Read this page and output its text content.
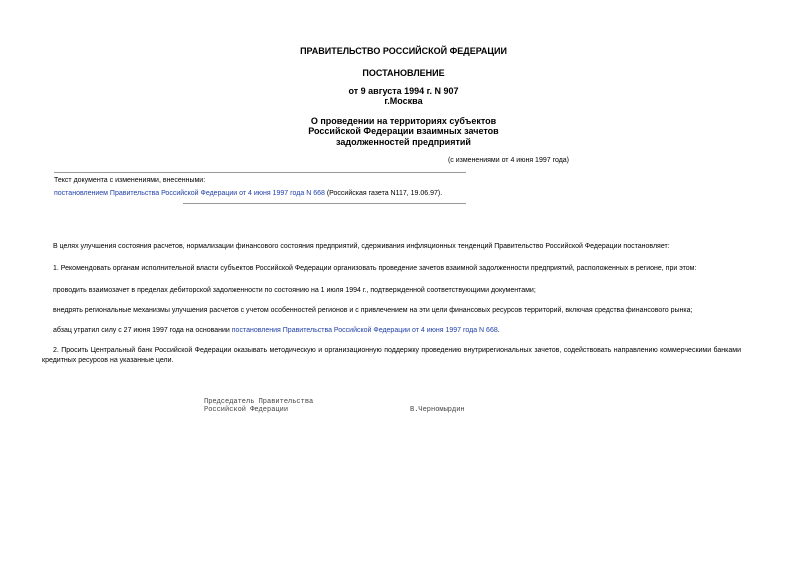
ПРАВИТЕЛЬСТВО РОССИЙСКОЙ ФЕДЕРАЦИИ
ПОСТАНОВЛЕНИЕ
от 9 августа 1994 г. N 907
г.Москва
О проведении на территориях субъектов
Российской Федерации взаимных зачетов
задолженностей предприятий
(с изменениями от 4 июня 1997 года)
Текст документа с изменениями, внесенными:
постановлением Правительства Российской Федерации от 4 июня 1997 года N 668 (Российская газета N117, 19.06.97).
В целях улучшения состояния расчетов, нормализации финансового состояния предприятий, сдерживания инфляционных тенденций Правительство Российской Федерации постановляет:
1. Рекомендовать органам исполнительной власти субъектов Российской Федерации организовать проведение зачетов взаимной задолженности предприятий, расположенных в регионе, при этом:
проводить взаимозачет в пределах дебиторской задолженности по состоянию на 1 июля 1994 г., подтвержденной соответствующими документами;
внедрять региональные механизмы улучшения расчетов с учетом особенностей регионов и с привлечением на эти цели финансовых ресурсов территорий, включая средства финансового рынка;
абзац утратил силу с 27 июня 1997 года на основании постановления Правительства Российской Федерации от 4 июня 1997 года N 668.
2. Просить Центральный банк Российской Федерации оказывать методическую и организационную поддержку проведению внутрирегиональных зачетов, содействовать направлению коммерческими банками кредитных ресурсов на указанные цели.
Председатель Правительства
Российской Федерации	В.Черномырдин
